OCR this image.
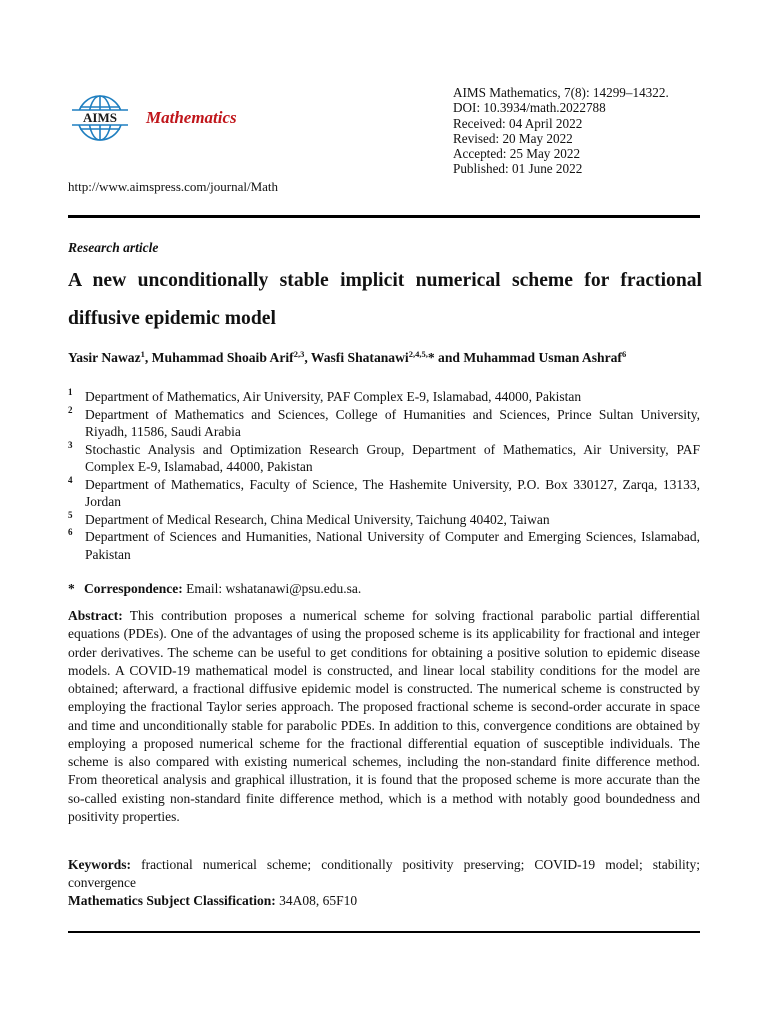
AIMS Mathematics
http://www.aimspress.com/journal/Math
AIMS Mathematics, 7(8): 14299–14322.
DOI: 10.3934/math.2022788
Received: 04 April 2022
Revised: 20 May 2022
Accepted: 25 May 2022
Published: 01 June 2022
Research article
A new unconditionally stable implicit numerical scheme for fractional diffusive epidemic model
Yasir Nawaz$^1$, Muhammad Shoaib Arif$^{2,3}$, Wasfi Shatanawi$^{2,4,5,}$* and Muhammad Usman Ashraf$^6$
1 Department of Mathematics, Air University, PAF Complex E-9, Islamabad, 44000, Pakistan
2 Department of Mathematics and Sciences, College of Humanities and Sciences, Prince Sultan University, Riyadh, 11586, Saudi Arabia
3 Stochastic Analysis and Optimization Research Group, Department of Mathematics, Air University, PAF Complex E-9, Islamabad, 44000, Pakistan
4 Department of Mathematics, Faculty of Science, The Hashemite University, P.O. Box 330127, Zarqa, 13133, Jordan
5 Department of Medical Research, China Medical University, Taichung 40402, Taiwan
6 Department of Sciences and Humanities, National University of Computer and Emerging Sciences, Islamabad, Pakistan
* Correspondence: Email: wshatanawi@psu.edu.sa.
Abstract: This contribution proposes a numerical scheme for solving fractional parabolic partial differential equations (PDEs). One of the advantages of using the proposed scheme is its applicability for fractional and integer order derivatives. The scheme can be useful to get conditions for obtaining a positive solution to epidemic disease models. A COVID-19 mathematical model is constructed, and linear local stability conditions for the model are obtained; afterward, a fractional diffusive epidemic model is constructed. The numerical scheme is constructed by employing the fractional Taylor series approach. The proposed fractional scheme is second-order accurate in space and time and unconditionally stable for parabolic PDEs. In addition to this, convergence conditions are obtained by employing a proposed numerical scheme for the fractional differential equation of susceptible individuals. The scheme is also compared with existing numerical schemes, including the non-standard finite difference method. From theoretical analysis and graphical illustration, it is found that the proposed scheme is more accurate than the so-called existing non-standard finite difference method, which is a method with notably good boundedness and positivity properties.
Keywords: fractional numerical scheme; conditionally positivity preserving; COVID-19 model; stability; convergence
Mathematics Subject Classification: 34A08, 65F10
